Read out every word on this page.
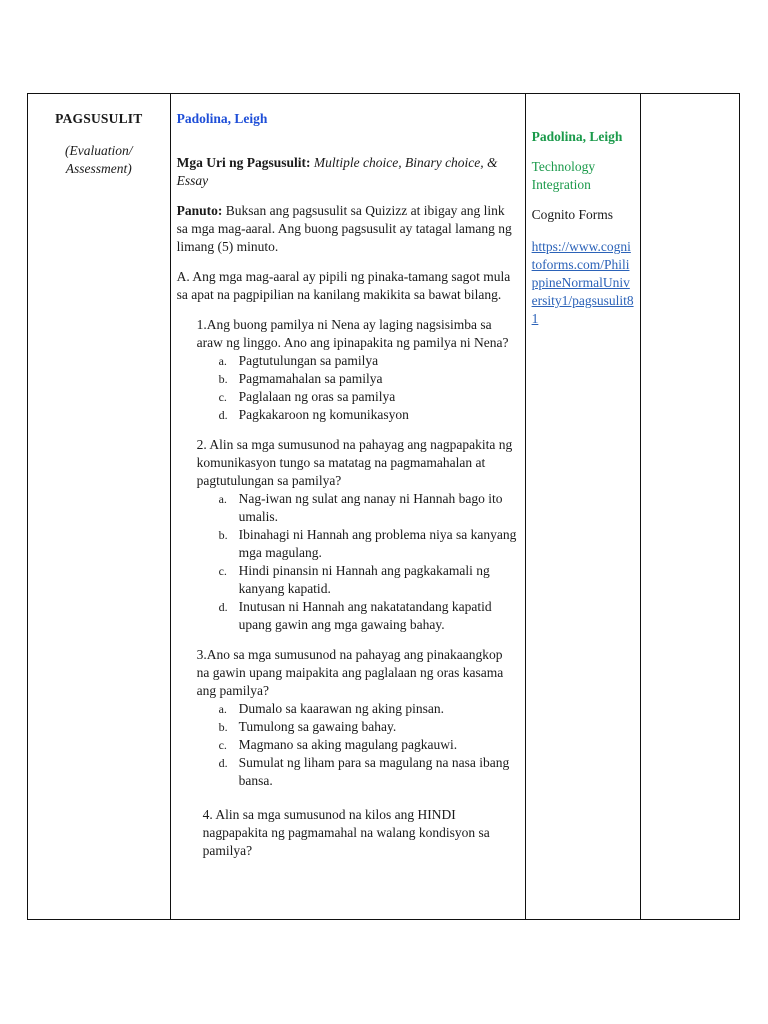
PAGSUSULIT
(Evaluation/
Assessment)
Padolina, Leigh
Mga Uri ng Pagsusulit: Multiple choice, Binary choice, & Essay
Panuto: Buksan ang pagsusulit sa Quizizz at ibigay ang link sa mga mag-aaral. Ang buong pagsusulit ay tatagal lamang ng limang (5) minuto.
A. Ang mga mag-aaral ay pipili ng pinaka-tamang sagot mula sa apat na pagpipilian na kanilang makikita sa bawat bilang.
1.Ang buong pamilya ni Nena ay laging nagsisimba sa araw ng linggo. Ano ang ipinapakita ng pamilya ni Nena?
a. Pagtutulungan sa pamilya
b. Pagmamahalan sa pamilya
c. Paglalaan ng oras sa pamilya
d. Pagkakaroon ng komunikasyon
2. Alin sa mga sumusunod na pahayag ang nagpapakita ng komunikasyon tungo sa matatag na pagmamahalan at pagtutulungan sa pamilya?
a. Nag-iwan ng sulat ang nanay ni Hannah bago ito umalis.
b. Ibinahagi ni Hannah ang problema niya sa kanyang mga magulang.
c. Hindi pinansin ni Hannah ang pagkakamali ng kanyang kapatid.
d. Inutusan ni Hannah ang nakatatandang kapatid upang gawin ang mga gawaing bahay.
3.Ano sa mga sumusunod na pahayag ang pinakaangkop na gawin upang maipakita ang paglalaan ng oras kasama ang pamilya?
a. Dumalo sa kaarawan ng aking pinsan.
b. Tumulong sa gawaing bahay.
c. Magmano sa aking magulang pagkauwi.
d. Sumulat ng liham para sa magulang na nasa ibang bansa.
4. Alin sa mga sumusunod na kilos ang HINDI nagpapakita ng pagmamahal na walang kondisyon sa pamilya?
Padolina, Leigh
Technology Integration
Cognito Forms
https://www.cognitoforms.com/PhilippineNormalUniversity1/pagsusulit81
